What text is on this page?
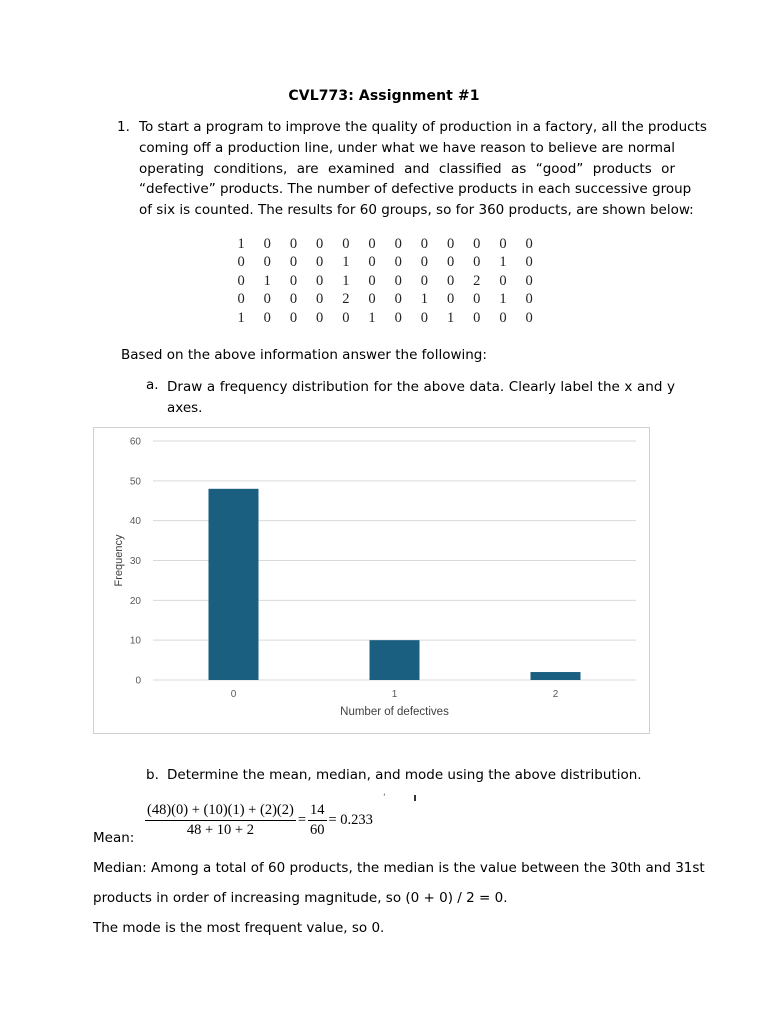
CVL773: Assignment #1
1. To start a program to improve the quality of production in a factory, all the products
coming off a production line, under what we have reason to believe are normal
operating conditions, are examined and classified as “good” products or
“defective” products. The number of defective products in each successive group
of six is counted. The results for 60 groups, so for 360 products, are shown below:
1	0	0	0	0	0	0	0	0	0	0	0
0	0	0	0	1	0	0	0	0	0	1	0
0	1	0	0	1	0	0	0	0	2	0	0
0	0	0	0	2	0	0	1	0	0	1	0
1	0	0	0	0	1	0	0	1	0	0	0
Based on the above information answer the following:
a. Draw a frequency distribution for the above data. Clearly label the x and y
axes.
0
10
20
30
40
50
60
0	1	2
Number of defectives
Frequency
b. Determine the mean, median, and mode using the above distribution.
Mean: $\frac{(48)(0) + (10)(1) + (2)(2)}{48 + 10 + 2} = \frac{14}{60} = 0.233$
‘
Median: Among a total of 60 products, the median is the value between the 30th and 31st
products in order of increasing magnitude, so (0 + 0) / 2 = 0.
The mode is the most frequent value, so 0.
